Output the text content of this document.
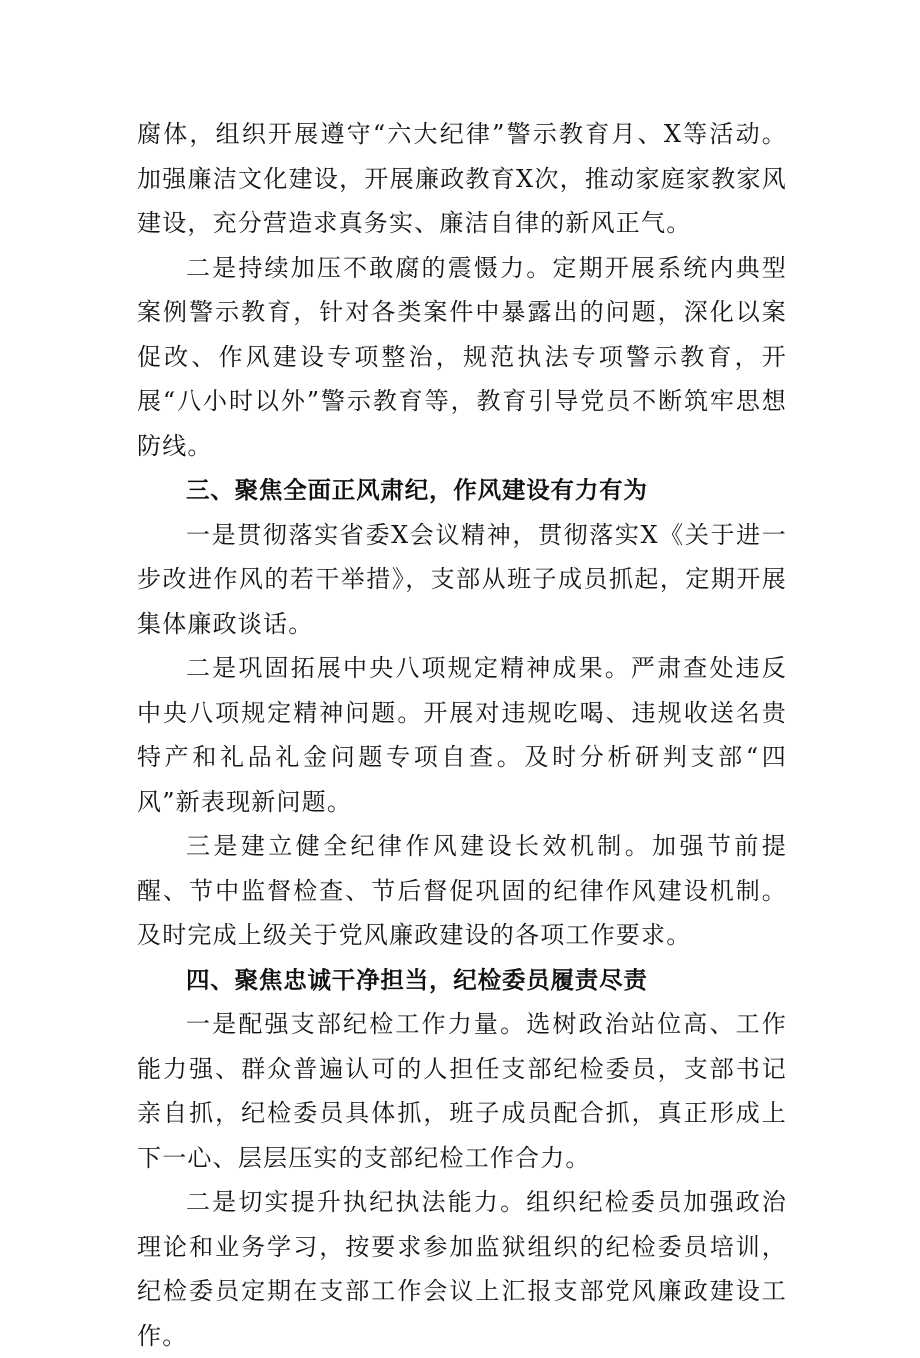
腐体，组织开展遵守“六大纪律”警示教育月、X等活动。加强廉洁文化建设，开展廉政教育X次，推动家庭家教家风建设，充分营造求真务实、廉洁自律的新风正气。

二是持续加压不敢腐的震慑力。定期开展系统内典型案例警示教育，针对各类案件中暴露出的问题，深化以案促改、作风建设专项整治，规范执法专项警示教育，开展“八小时以外”警示教育等，教育引导党员不断筑牢思想防线。

三、聚焦全面正风肃纪，作风建设有力有为

一是贯彻落实省委X会议精神，贯彻落实X《关于进一步改进作风的若干举措》，支部从班子成员抓起，定期开展集体廉政谈话。

二是巩固拓展中央八项规定精神成果。严肃查处违反中央八项规定精神问题。开展对违规吃喝、违规收送名贵特产和礼品礼金问题专项自查。及时分析研判支部“四风”新表现新问题。

三是建立健全纪律作风建设长效机制。加强节前提醒、节中监督检查、节后督促巩固的纪律作风建设机制。及时完成上级关于党风廉政建设的各项工作要求。

四、聚焦忠诚干净担当，纪检委员履责尽责

一是配强支部纪检工作力量。选树政治站位高、工作能力强、群众普遍认可的人担任支部纪检委员，支部书记亲自抓，纪检委员具体抓，班子成员配合抓，真正形成上下一心、层层压实的支部纪检工作合力。

二是切实提升执纪执法能力。组织纪检委员加强政治理论和业务学习，按要求参加监狱组织的纪检委员培训，纪检委员定期在支部工作会议上汇报支部党风廉政建设工作。
